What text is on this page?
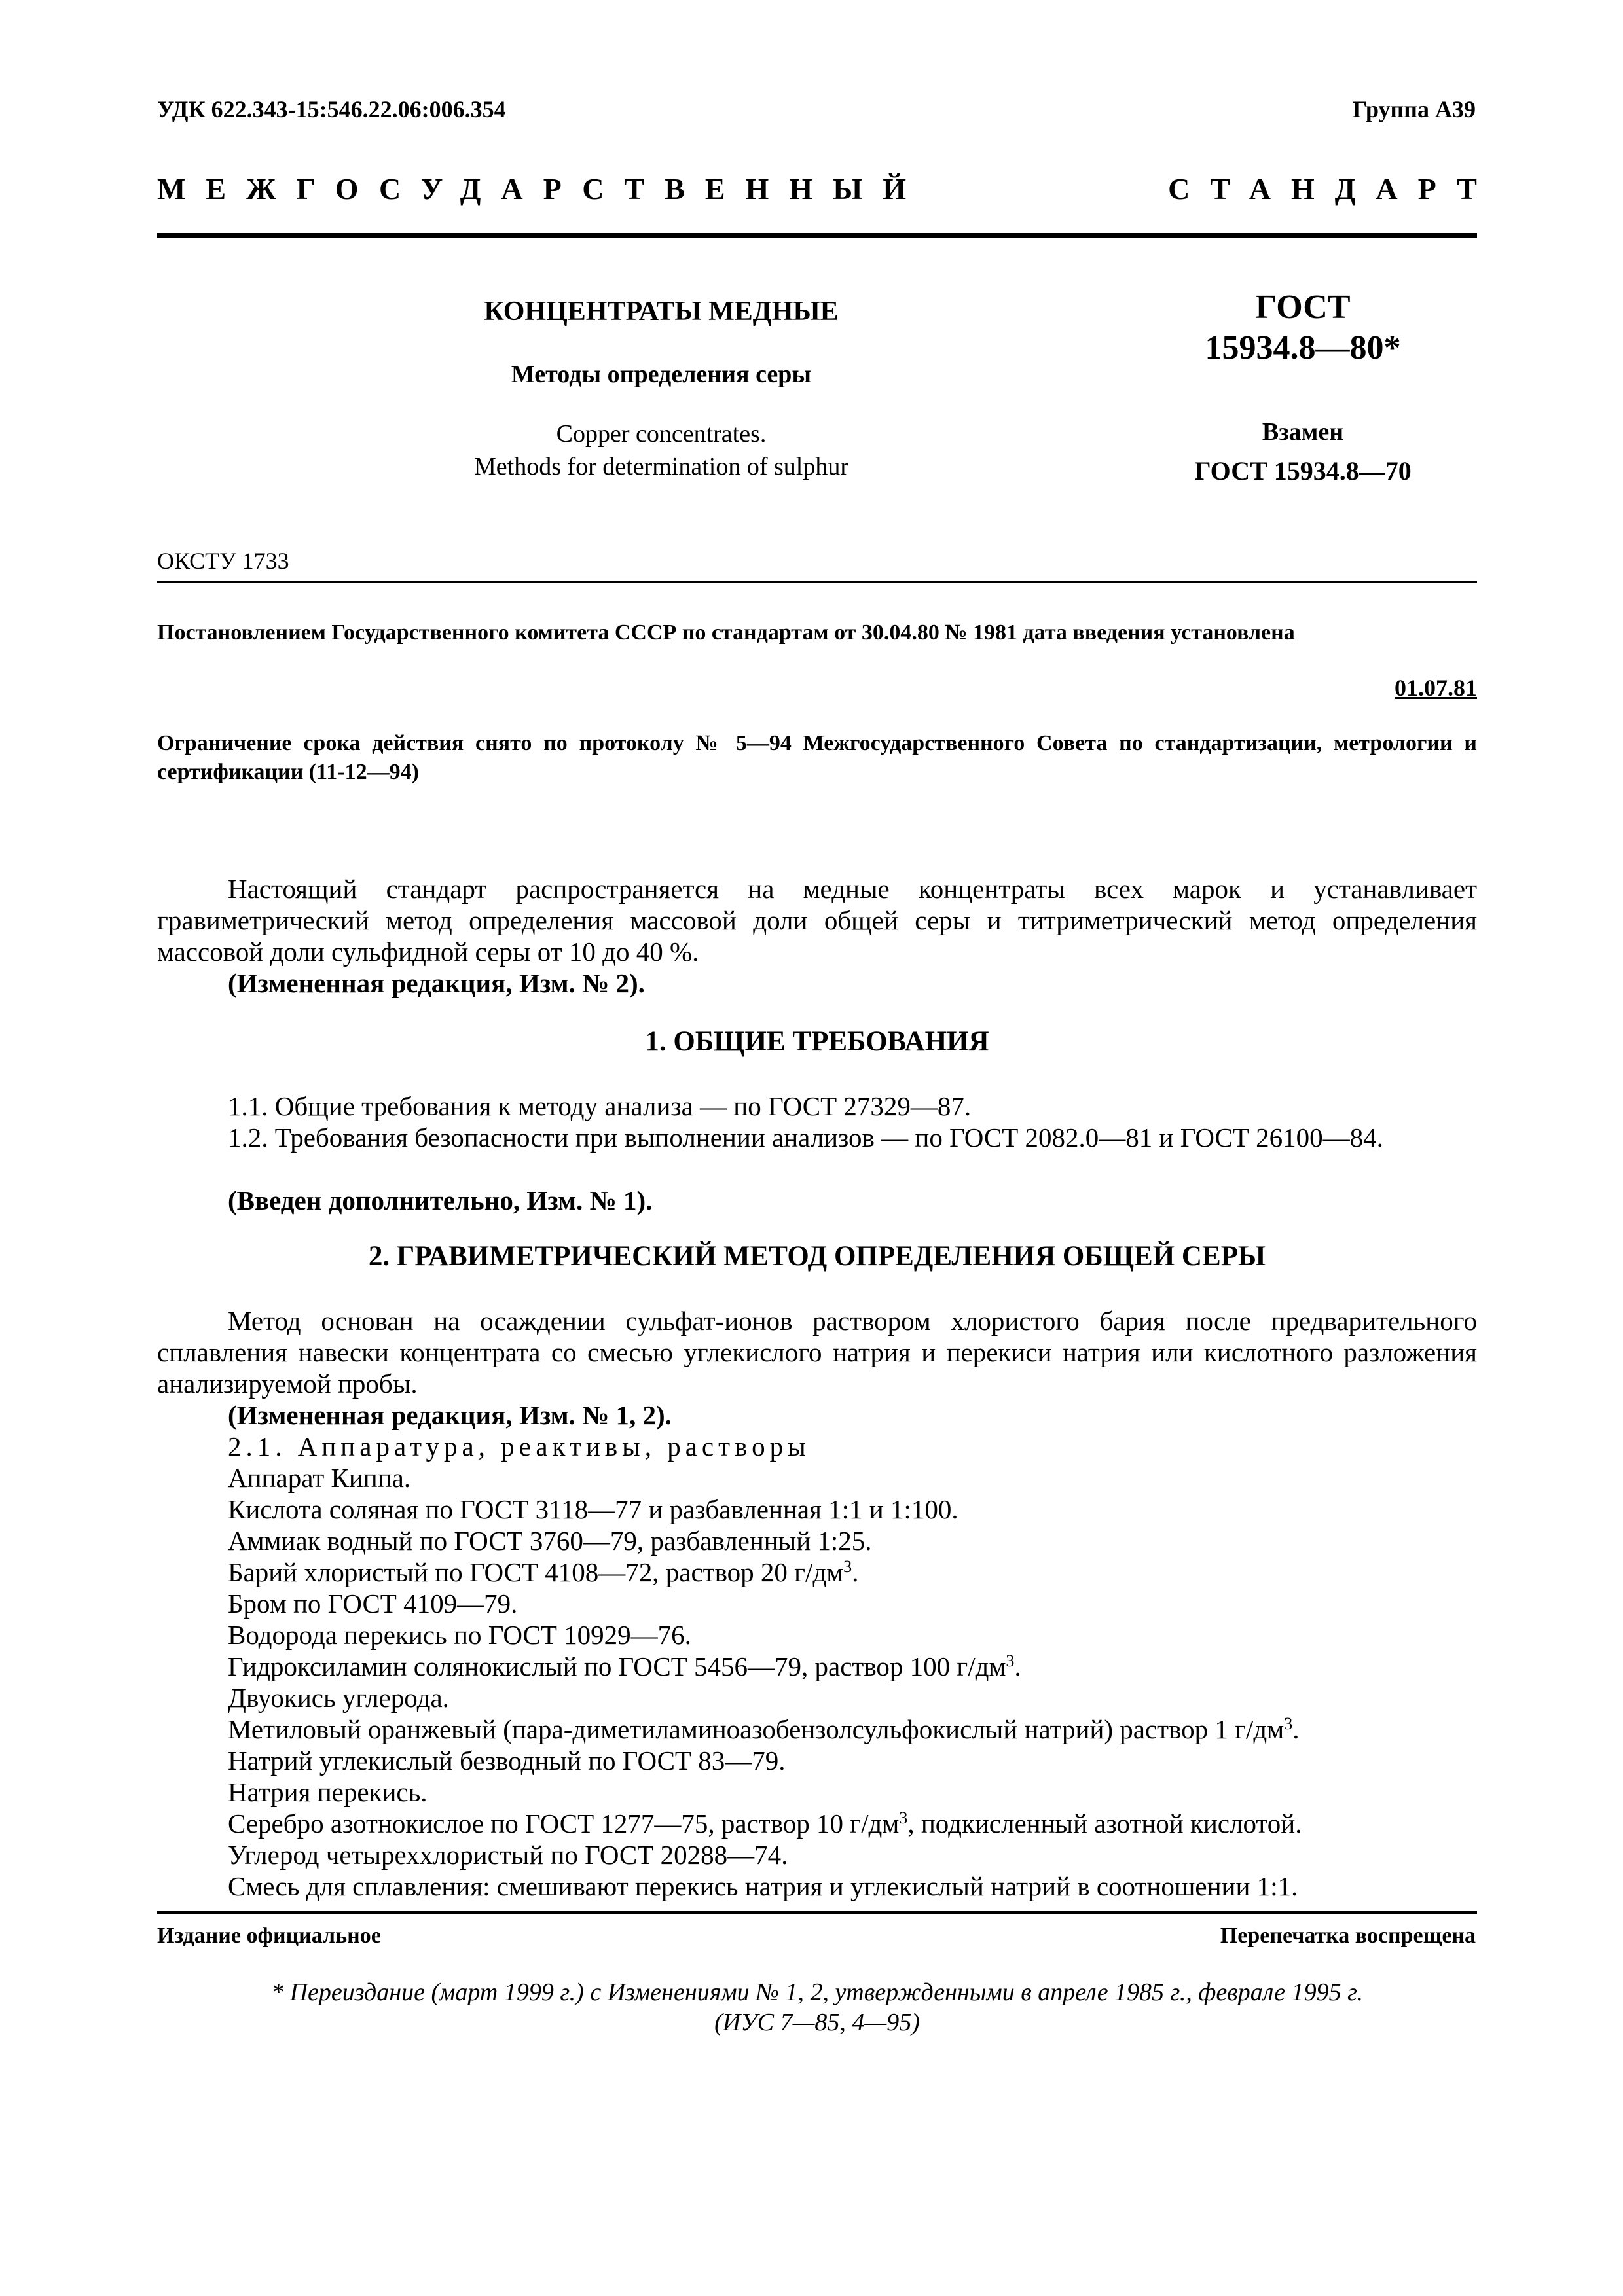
УДК 622.343-15:546.22.06:006.354	Группа А39
МЕЖГОСУДАРСТВЕННЫЙ	СТАНДАРТ
КОНЦЕНТРАТЫ МЕДНЫЕ
Методы определения серы
Copper concentrates.
Methods for determination of sulphur
ГОСТ
15934.8—80*
Взамен
ГОСТ 15934.8—70
ОКСТУ 1733
Постановлением Государственного комитета СССР по стандартам от 30.04.80 № 1981 дата введения установлена
01.07.81
Ограничение срока действия снято по протоколу № 5—94 Межгосударственного Совета по стандартизации, метрологии и сертификации (11-12—94)
Настоящий стандарт распространяется на медные концентраты всех марок и устанавливает гравиметрический метод определения массовой доли общей серы и титриметрический метод определения массовой доли сульфидной серы от 10 до 40 %.
(Измененная редакция, Изм. № 2).
1. ОБЩИЕ ТРЕБОВАНИЯ
1.1. Общие требования к методу анализа — по ГОСТ 27329—87.
1.2. Требования безопасности при выполнении анализов — по ГОСТ 2082.0—81 и ГОСТ 26100—84.
(Введен дополнительно, Изм. № 1).
2. ГРАВИМЕТРИЧЕСКИЙ МЕТОД ОПРЕДЕЛЕНИЯ ОБЩЕЙ СЕРЫ
Метод основан на осаждении сульфат-ионов раствором хлористого бария после предварительного сплавления навески концентрата со смесью углекислого натрия и перекиси натрия или кислотного разложения анализируемой пробы.
(Измененная редакция, Изм. № 1, 2).
2.1. Аппаратура, реактивы, растворы
Аппарат Киппа.
Кислота соляная по ГОСТ 3118—77 и разбавленная 1:1 и 1:100.
Аммиак водный по ГОСТ 3760—79, разбавленный 1:25.
Барий хлористый по ГОСТ 4108—72, раствор 20 $г/дм^3$.
Бром по ГОСТ 4109—79.
Водорода перекись по ГОСТ 10929—76.
Гидроксиламин солянокислый по ГОСТ 5456—79, раствор 100 $г/дм^3$.
Двуокись углерода.
Метиловый оранжевый (пара-диметиламиноазобензолсульфокислый натрий) раствор 1 $г/дм^3$.
Натрий углекислый безводный по ГОСТ 83—79.
Натрия перекись.
Серебро азотнокислое по ГОСТ 1277—75, раствор 10 $г/дм^3$, подкисленный азотной кислотой.
Углерод четыреххлористый по ГОСТ 20288—74.
Смесь для сплавления: смешивают перекись натрия и углекислый натрий в соотношении 1:1.
Издание официальное	Перепечатка воспрещена
* Переиздание (март 1999 г.) с Изменениями № 1, 2, утвержденными в апреле 1985 г., феврале 1995 г.
(ИУС 7—85, 4—95)
